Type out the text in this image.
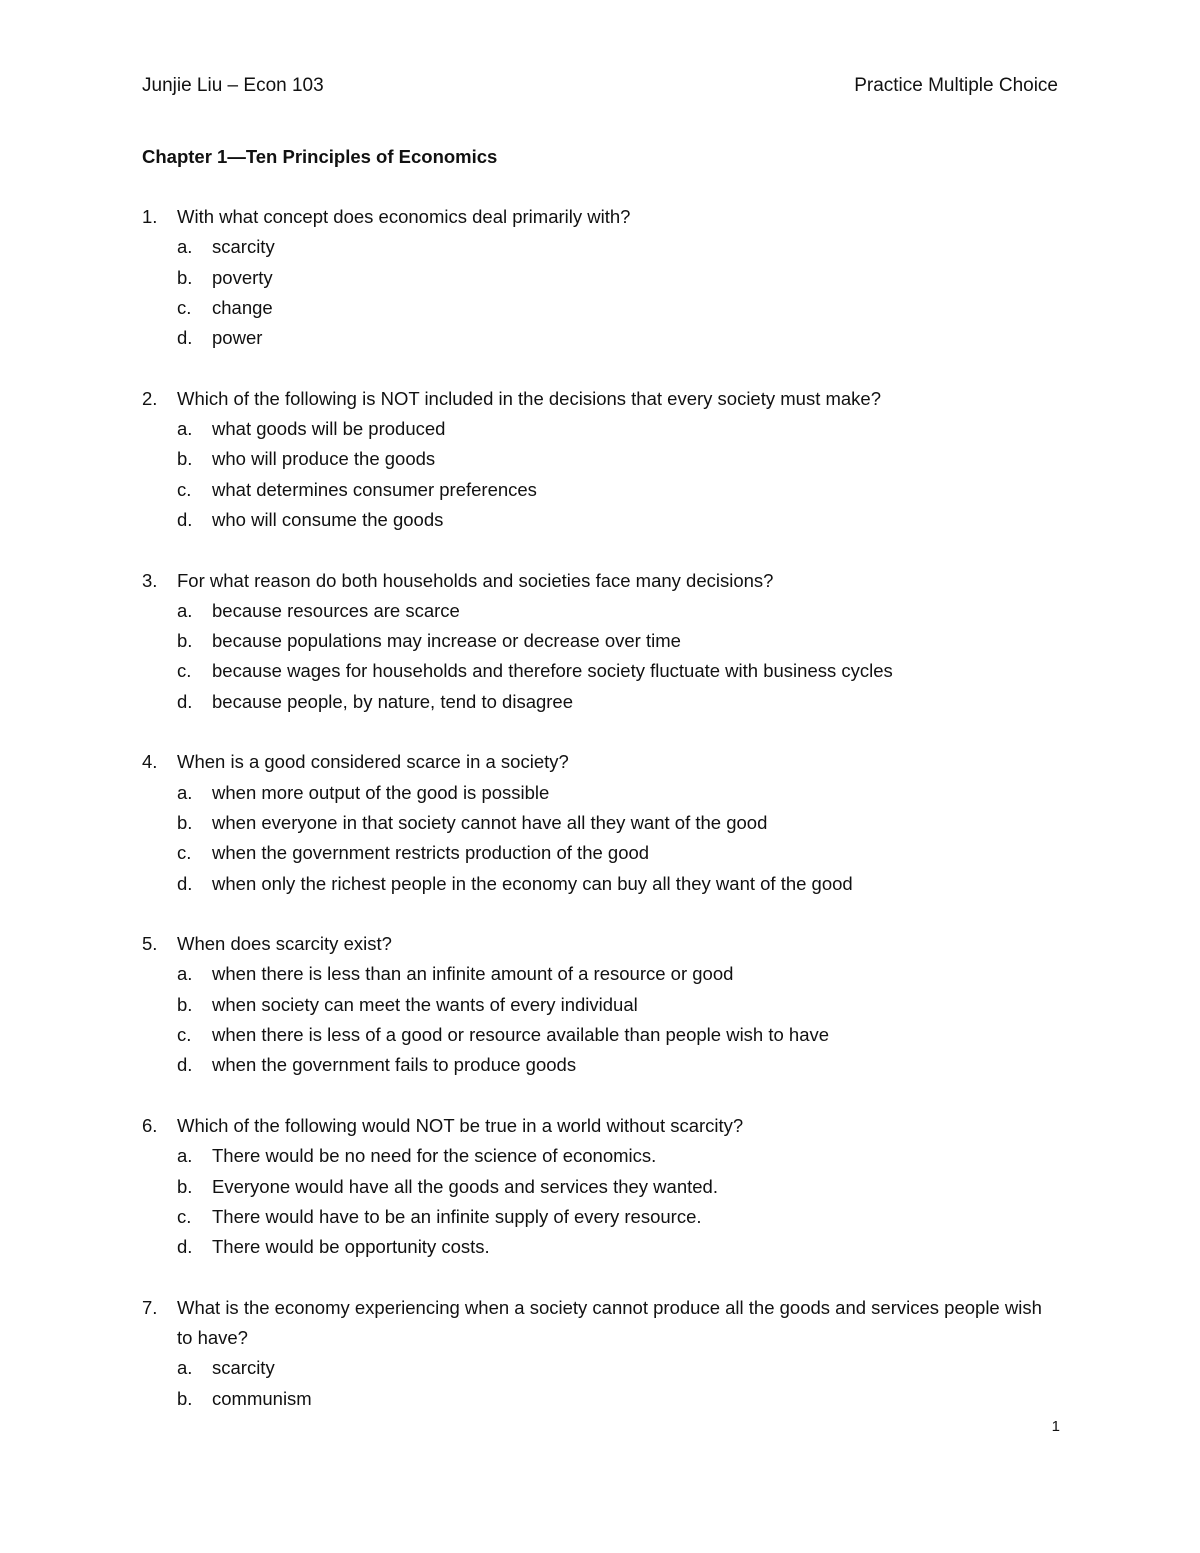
Junjie Liu – Econ 103	Practice Multiple Choice
Chapter 1—Ten Principles of Economics
1.	With what concept does economics deal primarily with?
a.	scarcity
b.	poverty
c.	change
d.	power
2.	Which of the following is NOT included in the decisions that every society must make?
a.	what goods will be produced
b.	who will produce the goods
c.	what determines consumer preferences
d.	who will consume the goods
3.	For what reason do both households and societies face many decisions?
a.	because resources are scarce
b.	because populations may increase or decrease over time
c.	because wages for households and therefore society fluctuate with business cycles
d.	because people, by nature, tend to disagree
4.	When is a good considered scarce in a society?
a.	when more output of the good is possible
b.	when everyone in that society cannot have all they want of the good
c.	when the government restricts production of the good
d.	when only the richest people in the economy can buy all they want of the good
5.	When does scarcity exist?
a.	when there is less than an infinite amount of a resource or good
b.	when society can meet the wants of every individual
c.	when there is less of a good or resource available than people wish to have
d.	when the government fails to produce goods
6.	Which of the following would NOT be true in a world without scarcity?
a.	There would be no need for the science of economics.
b.	Everyone would have all the goods and services they wanted.
c.	There would have to be an infinite supply of every resource.
d.	There would be opportunity costs.
7.	What is the economy experiencing when a society cannot produce all the goods and services people wish to have?
a.	scarcity
b.	communism
1
